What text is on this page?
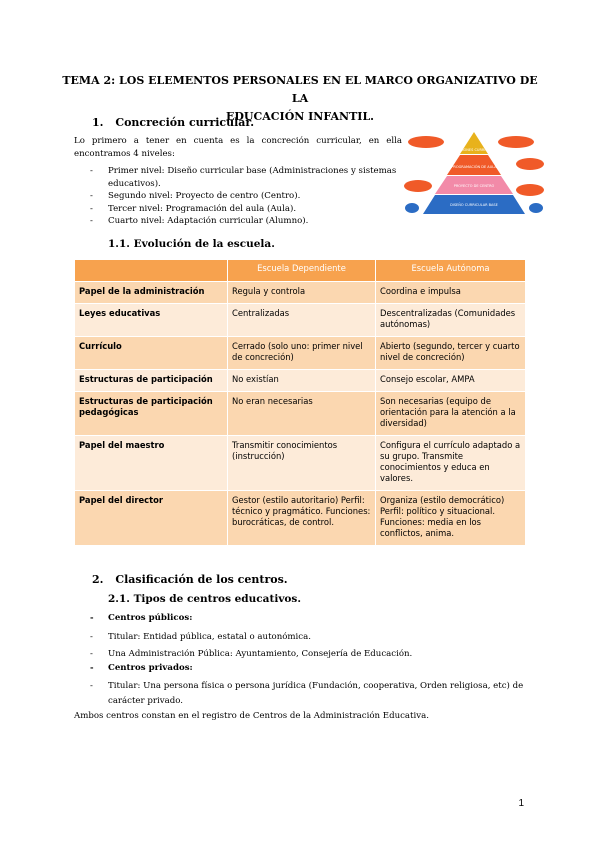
TEMA 2: LOS ELEMENTOS PERSONALES EN EL MARCO ORGANIZATIVO DE LA
EDUCACIÓN INFANTIL.
1. Concreción curricular.
Lo primero a tener en cuenta es la concreción curricular, en ella encontramos 4 niveles:
- Primer nivel: Diseño curricular base (Administraciones y sistemas educativos).
- Segundo nivel: Proyecto de centro (Centro).
- Tercer nivel: Programación del aula (Aula).
- Cuarto nivel: Adaptación curricular (Alumno).
ADAPTACIONES CURRICULARES
PROGRAMACIÓN DE AULA
PROYECTO DE CENTRO
DISEÑO CURRICULAR BASE
1.1. Evolución de la escuela.
	Escuela Dependiente	Escuela Autónoma
Papel de la administración	Regula y controla	Coordina e impulsa
Leyes educativas	Centralizadas	Descentralizadas (Comunidades autónomas)
Currículo	Cerrado (solo uno: primer nivel de concreción)	Abierto (segundo, tercer y cuarto nivel de concreción)
Estructuras de participación	No existían	Consejo escolar, AMPA
Estructuras de participación pedagógicas	No eran necesarias	Son necesarias (equipo de orientación para la atención a la diversidad)
Papel del maestro	Transmitir conocimientos (instrucción)	Configura el currículo adaptado a su grupo. Transmite conocimientos y educa en valores.
Papel del director	Gestor (estilo autoritario) Perfil: técnico y pragmático. Funciones: burocráticas, de control.	Organiza (estilo democrático) Perfil: político y situacional. Funciones: media en los conflictos, anima.
2. Clasificación de los centros.
2.1. Tipos de centros educativos.
- Centros públicos:
- Titular: Entidad pública, estatal o autonómica.
- Una Administración Pública: Ayuntamiento, Consejería de Educación.
- Centros privados:
- Titular: Una persona física o persona jurídica (Fundación, cooperativa, Orden religiosa, etc) de carácter privado.
Ambos centros constan en el registro de Centros de la Administración Educativa.
1
